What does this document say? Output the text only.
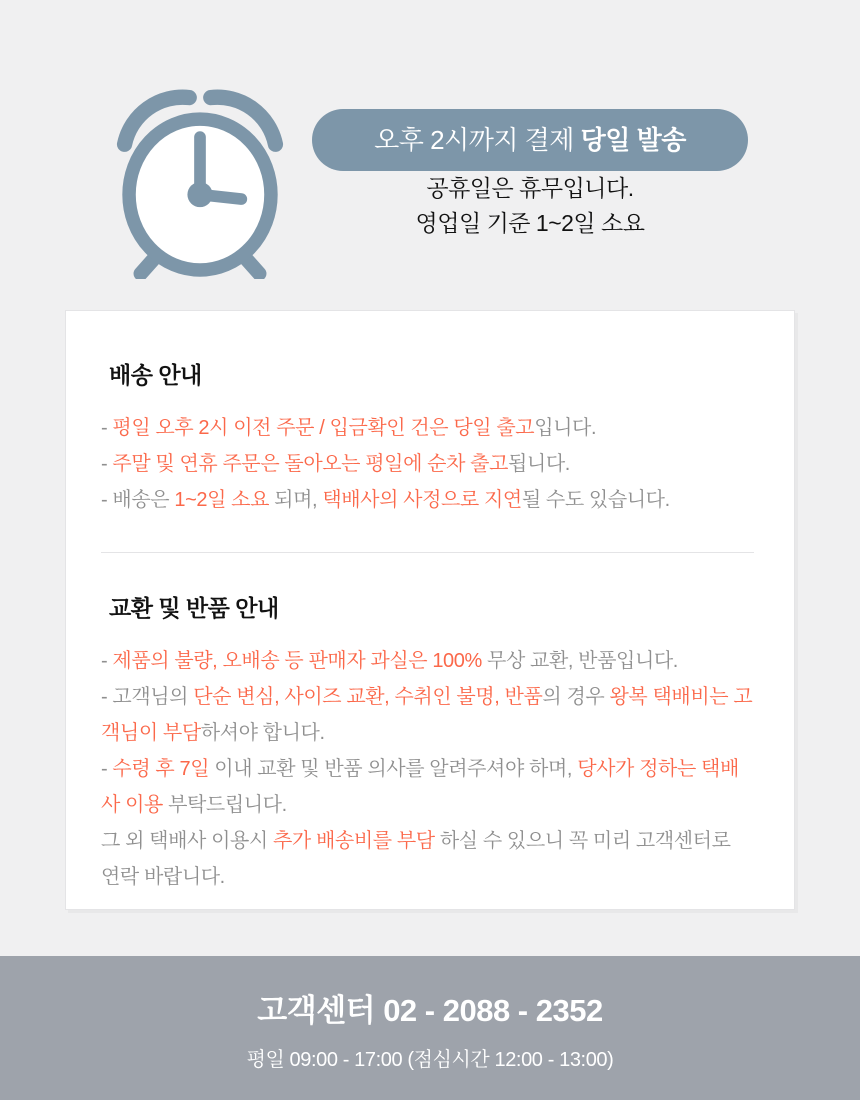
오후 2시까지 결제 당일 발송
공휴일은 휴무입니다.
영업일 기준 1~2일 소요
배송 안내

- 평일 오후 2시 이전 주문 / 입금확인 건은 당일 출고입니다.

- 주말 및 연휴 주문은 돌아오는 평일에 순차 출고됩니다.

- 배송은 1~2일 소요 되며, 택배사의 사정으로 지연될 수도 있습니다.

교환 및 반품 안내

- 제품의 불량, 오배송 등 판매자 과실은 100% 무상 교환, 반품입니다.

- 고객님의 단순 변심, 사이즈 교환, 수취인 불명, 반품의 경우 왕복 택배비는 고객님이 부담하셔야 합니다.

- 수령 후 7일 이내 교환 및 반품 의사를 알려주셔야 하며, 당사가 정하는 택배사 이용 부탁드립니다.

그 외 택배사 이용시 추가 배송비를 부담 하실 수 있으니 꼭 미리 고객센터로 연락 바랍니다.

고객센터 02 - 2088 - 2352
평일 09:00 - 17:00 (점심시간 12:00 - 13:00)
